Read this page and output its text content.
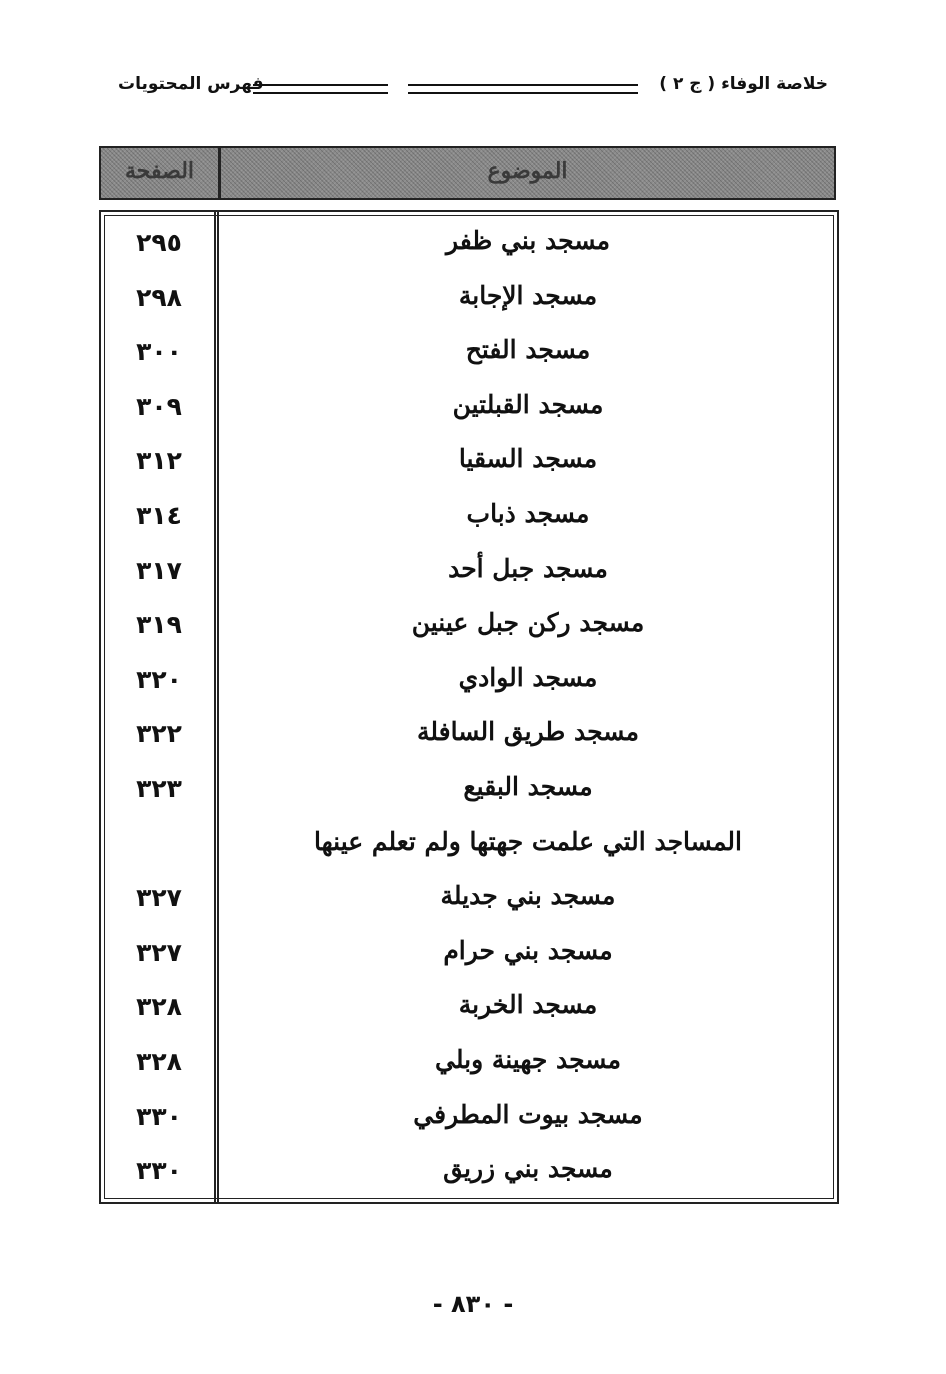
فهرس المحتويات	خلاصة الوفاء ( ج ٢ )
الصفحة	الموضوع
٢٩٥	مسجد بني ظفر
٢٩٨	مسجد الإجابة
٣٠٠	مسجد الفتح
٣٠٩	مسجد القبلتين
٣١٢	مسجد السقيا
٣١٤	مسجد ذباب
٣١٧	مسجد جبل أحد
٣١٩	مسجد ركن جبل عينين
٣٢٠	مسجد الوادي
٣٢٢	مسجد طريق السافلة
٣٢٣	مسجد البقيع
المساجد التي علمت جهتها ولم تعلم عينها
٣٢٧	مسجد بني جديلة
٣٢٧	مسجد بني حرام
٣٢٨	مسجد الخربة
٣٢٨	مسجد جهينة وبلي
٣٣٠	مسجد بيوت المطرفي
٣٣٠	مسجد بني زريق
- ٨٣٠ -
